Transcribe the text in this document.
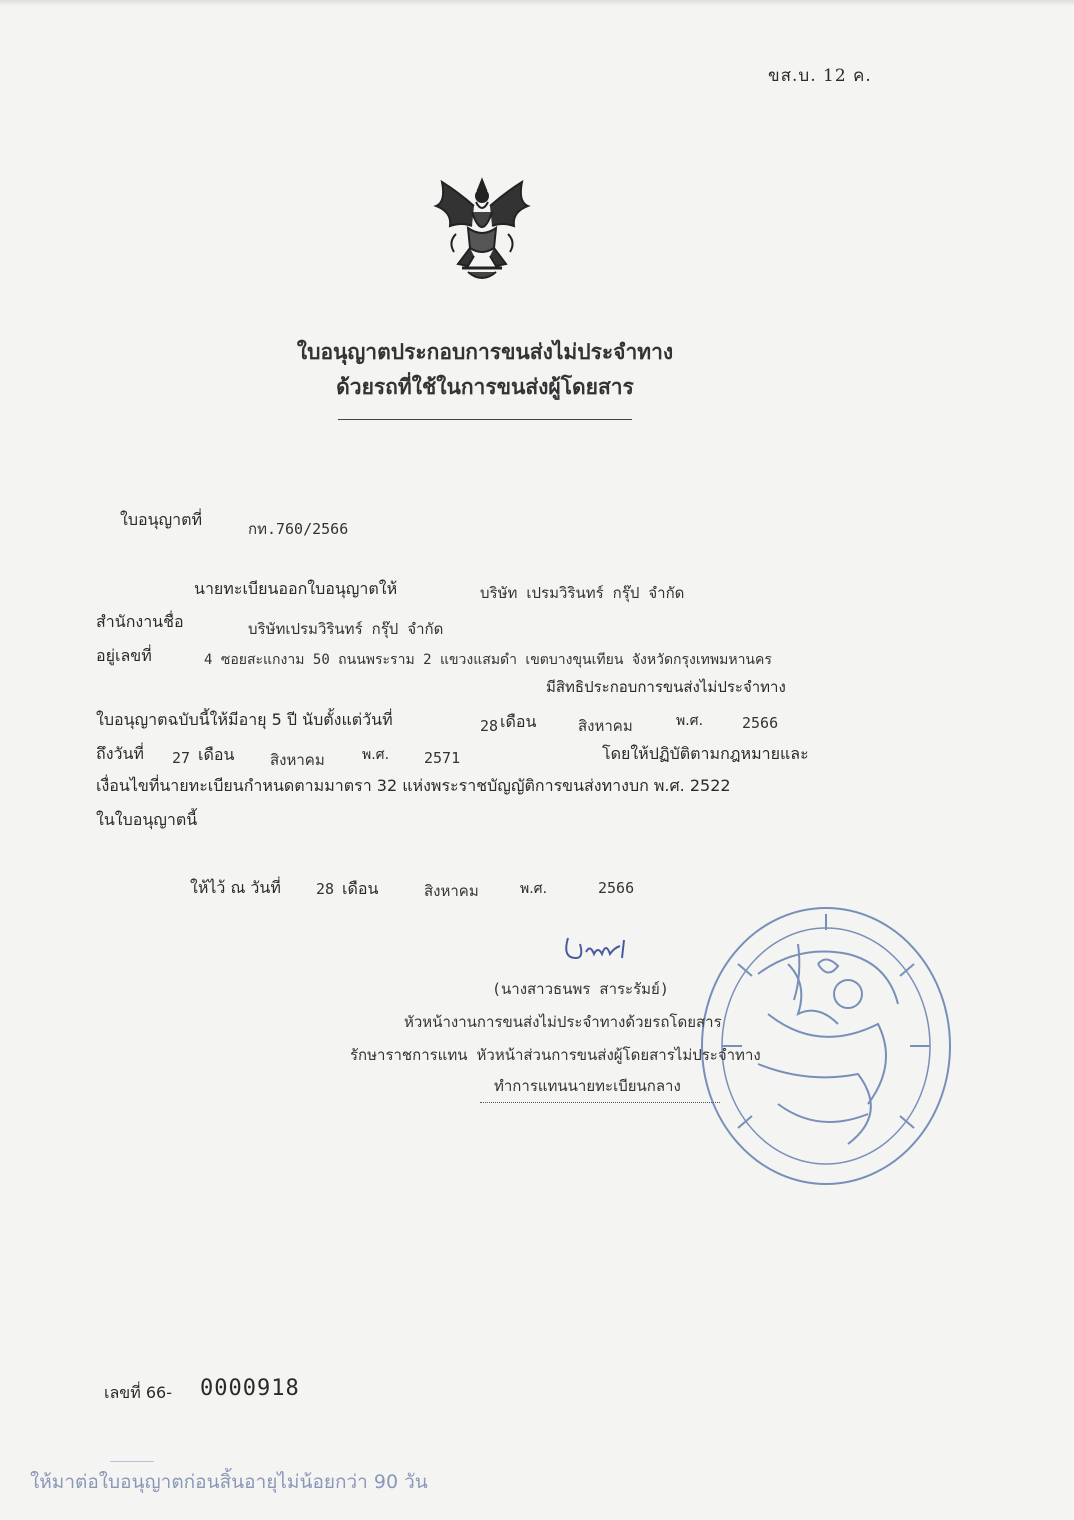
ขส.บ. 12 ค.
ใบอนุญาตประกอบการขนส่งไม่ประจำทาง
ด้วยรถที่ใช้ในการขนส่งผู้โดยสาร
ใบอนุญาตที่	กท.760/2566
นายทะเบียนออกใบอนุญาตให้	บริษัท เปรมวิรินทร์ กรุ๊ป จำกัด
สำนักงานชื่อ	บริษัทเปรมวิรินทร์ กรุ๊ป จำกัด
อยู่เลขที่	4 ซอยสะแกงาม 50 ถนนพระราม 2 แขวงแสมดำ เขตบางขุนเทียน จังหวัดกรุงเทพมหานคร
มีสิทธิประกอบการขนส่งไม่ประจำทาง
ใบอนุญาตฉบับนี้ให้มีอายุ 5 ปี นับตั้งแต่วันที่	28 เดือน	สิงหาคม	พ.ศ.	2566
ถึงวันที่ 27 เดือน สิงหาคม	พ.ศ. 2571	โดยให้ปฏิบัติตามกฎหมายและ
เงื่อนไขที่นายทะเบียนกำหนดตามมาตรา 32 แห่งพระราชบัญญัติการขนส่งทางบก พ.ศ. 2522
ในใบอนุญาตนี้
ให้ไว้ ณ วันที่ 28 เดือน	สิงหาคม	พ.ศ.	2566
(นางสาวธนพร สาระรัมย์)
หัวหน้างานการขนส่งไม่ประจำทางด้วยรถโดยสาร
รักษาราชการแทน หัวหน้าส่วนการขนส่งผู้โดยสารไม่ประจำทาง
ทำการแทนนายทะเบียนกลาง
เลขที่ 66- 0000918
ให้มาต่อใบอนุญาตก่อนสิ้นอายุไม่น้อยกว่า 90 วัน
